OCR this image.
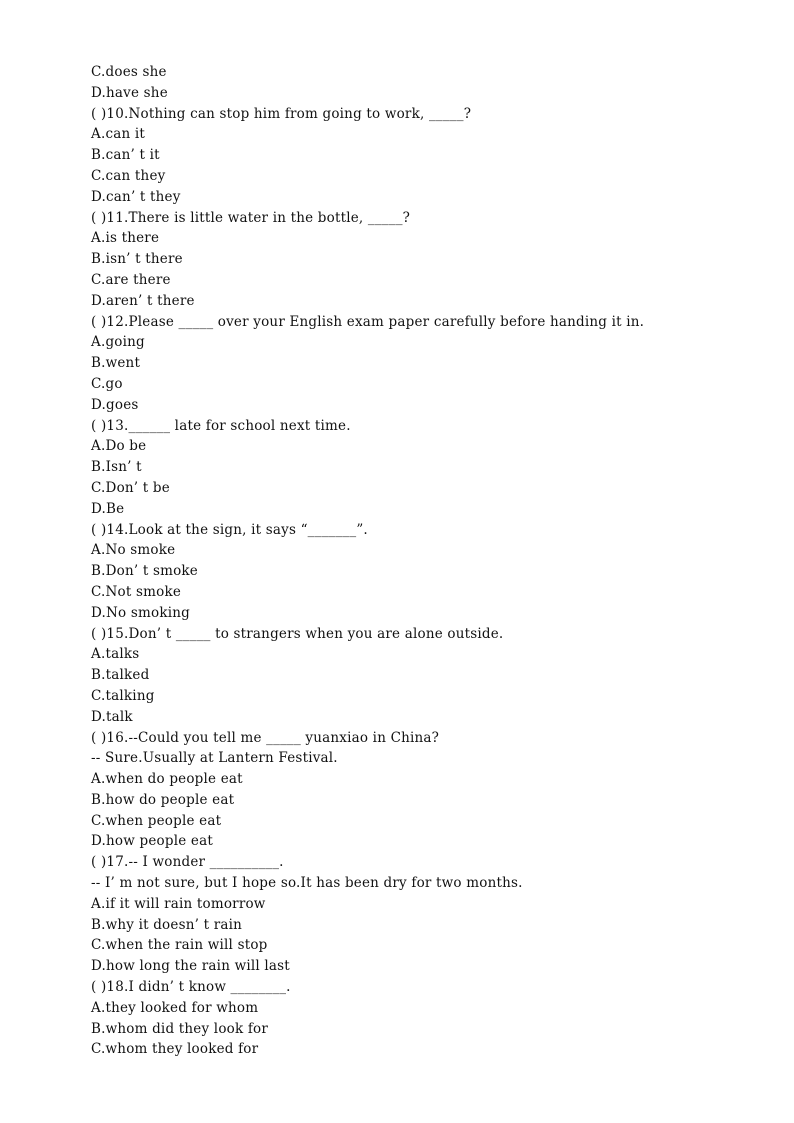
C.does she
D.have she
( )10.Nothing can stop him from going to work, _____?
A.can it
B.can’ t it
C.can they
D.can’ t they
( )11.There is little water in the bottle, _____?
A.is there
B.isn’ t there
C.are there
D.aren’ t there
( )12.Please _____ over your English exam paper carefully before handing it in.
A.going
B.went
C.go
D.goes
( )13.______ late for school next time.
A.Do be
B.Isn’ t
C.Don’ t be
D.Be
( )14.Look at the sign, it says “_______”.
A.No smoke
B.Don’ t smoke
C.Not smoke
D.No smoking
( )15.Don’ t _____ to strangers when you are alone outside.
A.talks
B.talked
C.talking
D.talk
( )16.--Could you tell me _____ yuanxiao in China?
-- Sure.Usually at Lantern Festival.
A.when do people eat
B.how do people eat
C.when people eat
D.how people eat
( )17.-- I wonder __________.
-- I’ m not sure, but I hope so.It has been dry for two months.
A.if it will rain tomorrow
B.why it doesn’ t rain
C.when the rain will stop
D.how long the rain will last
( )18.I didn’ t know ________.
A.they looked for whom
B.whom did they look for
C.whom they looked for
